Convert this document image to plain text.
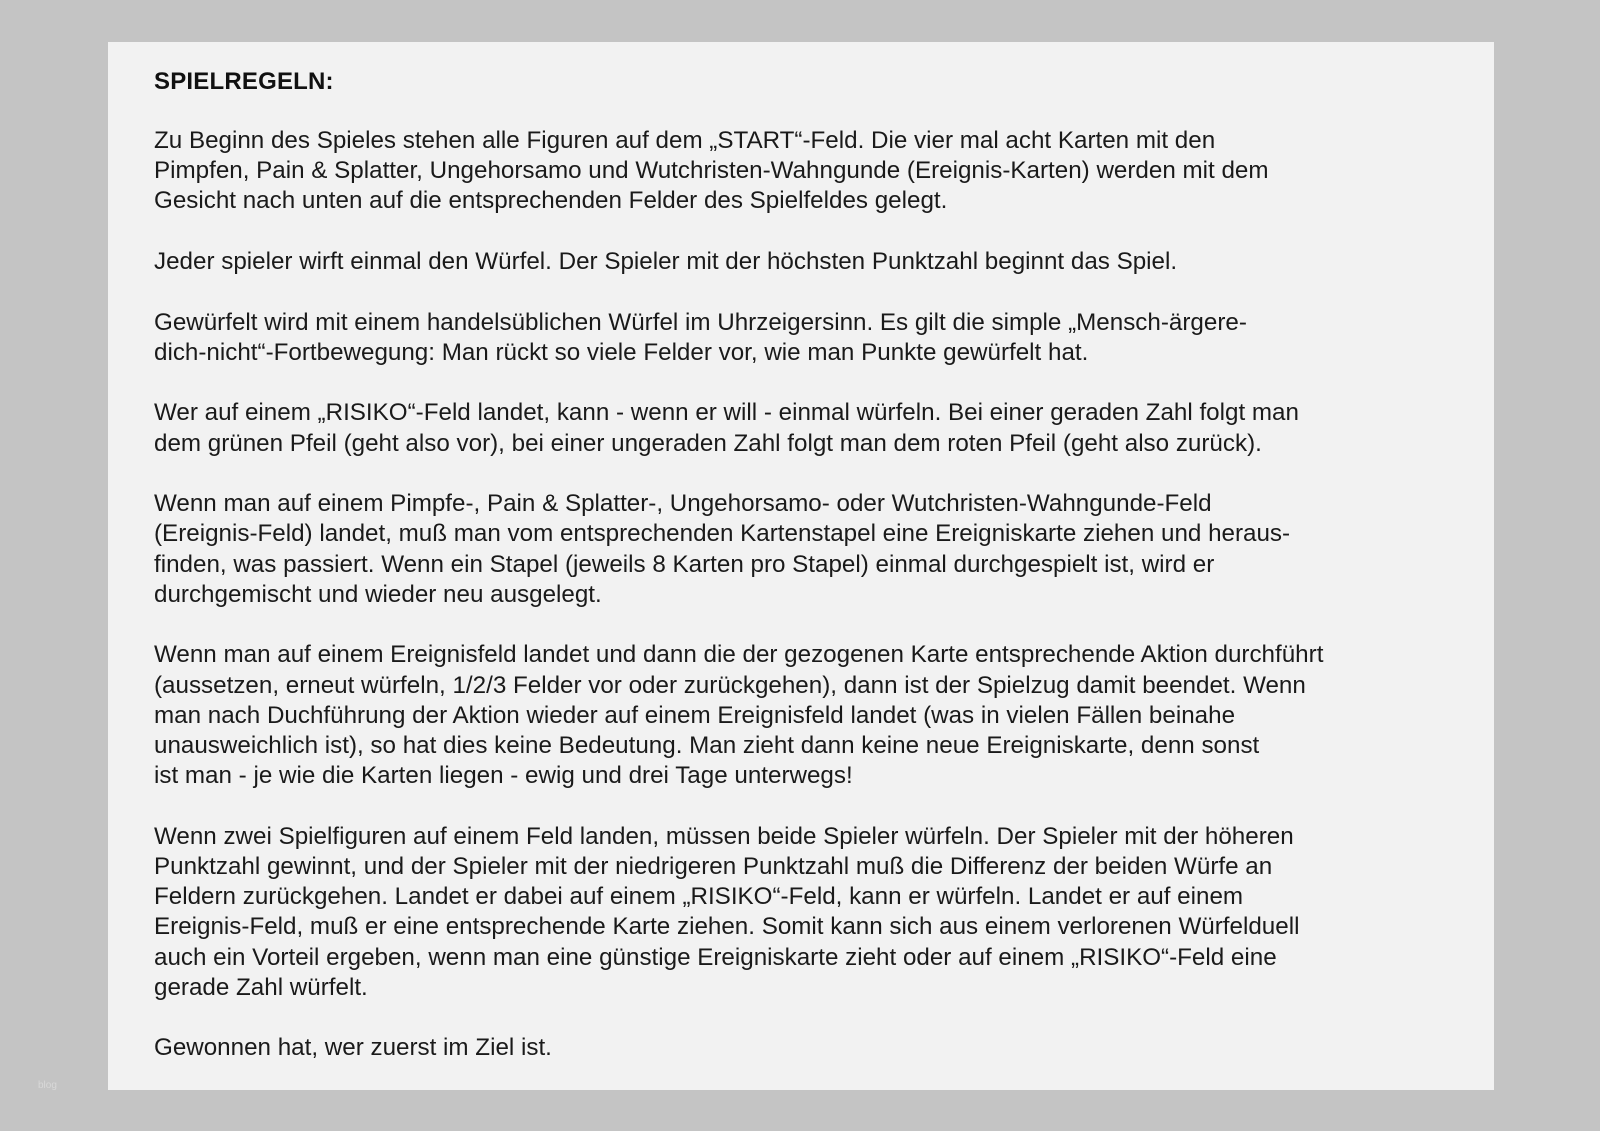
SPIELREGELN:
Zu Beginn des Spieles stehen alle Figuren auf dem „START“-Feld. Die vier mal acht Karten mit den
Pimpfen, Pain & Splatter, Ungehorsamo und Wutchristen-Wahngunde (Ereignis-Karten) werden mit dem
Gesicht nach unten auf die entsprechenden Felder des Spielfeldes gelegt.
Jeder spieler wirft einmal den Würfel. Der Spieler mit der höchsten Punktzahl beginnt das Spiel.
Gewürfelt wird mit einem handelsüblichen Würfel im Uhrzeigersinn. Es gilt die simple „Mensch-ärgere-
dich-nicht“-Fortbewegung: Man rückt so viele Felder vor, wie man Punkte gewürfelt hat.
Wer auf einem „RISIKO“-Feld landet, kann - wenn er will - einmal würfeln. Bei einer geraden Zahl folgt man
dem grünen Pfeil (geht also vor), bei einer ungeraden Zahl folgt man dem roten Pfeil (geht also zurück).
Wenn man auf einem Pimpfe-, Pain & Splatter-, Ungehorsamo- oder Wutchristen-Wahngunde-Feld
(Ereignis-Feld) landet, muß man vom entsprechenden Kartenstapel eine Ereigniskarte ziehen und heraus-
finden, was passiert. Wenn ein Stapel (jeweils 8 Karten pro Stapel) einmal durchgespielt ist, wird er
durchgemischt und wieder neu ausgelegt.
Wenn man auf einem Ereignisfeld landet und dann die der gezogenen Karte entsprechende Aktion durchführt
(aussetzen, erneut würfeln, 1/2/3 Felder vor oder zurückgehen), dann ist der Spielzug damit beendet. Wenn
man nach Duchführung der Aktion wieder auf einem Ereignisfeld landet (was in vielen Fällen beinahe
unausweichlich ist), so hat dies keine Bedeutung. Man zieht dann keine neue Ereigniskarte, denn sonst
ist man - je wie die Karten liegen - ewig und drei Tage unterwegs!
Wenn zwei Spielfiguren auf einem Feld landen, müssen beide Spieler würfeln. Der Spieler mit der höheren
Punktzahl gewinnt, und der Spieler mit der niedrigeren Punktzahl muß die Differenz der beiden Würfe an
Feldern zurückgehen. Landet er dabei auf einem „RISIKO“-Feld, kann er würfeln. Landet er auf einem
Ereignis-Feld, muß er eine entsprechende Karte ziehen. Somit kann sich aus einem verlorenen Würfelduell
auch ein Vorteil ergeben, wenn man eine günstige Ereigniskarte zieht oder auf einem „RISIKO“-Feld eine
gerade Zahl würfelt.
Gewonnen hat, wer zuerst im Ziel ist.
blog
